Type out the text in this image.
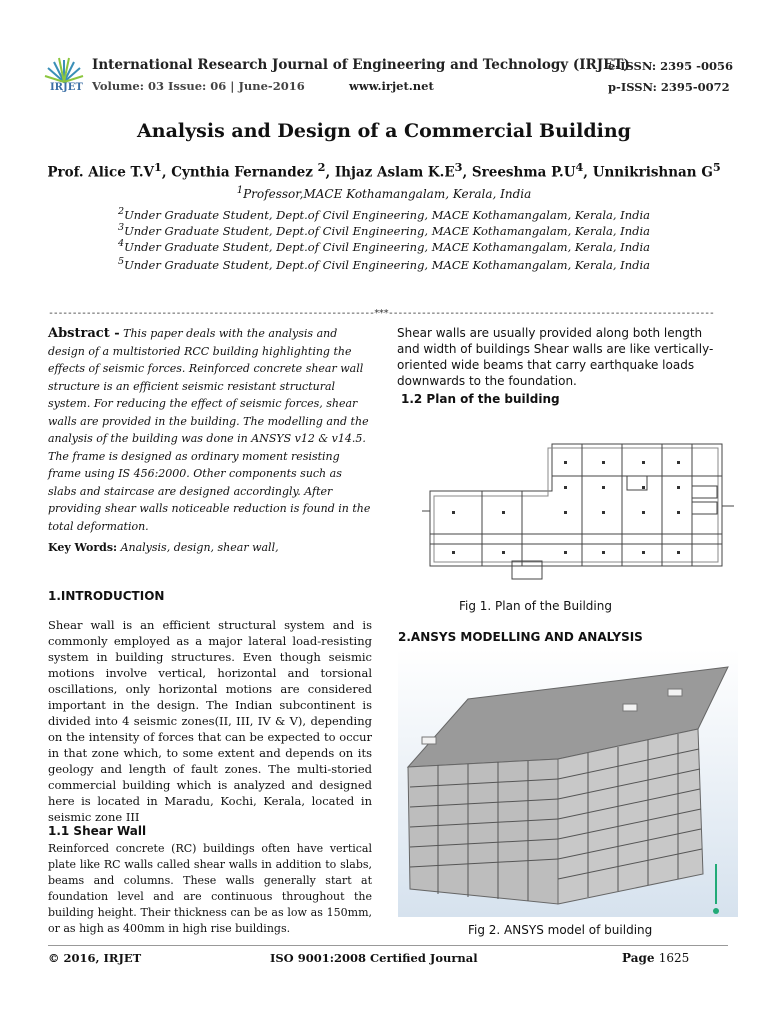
IRJET
International Research Journal of Engineering and Technology (IRJET)
Volume: 03 Issue: 06 | June-2016	www.irjet.net
e-ISSN: 2395 -0056
p-ISSN: 2395-0072
Analysis and Design of a Commercial Building
Prof. Alice $T.V^1$, Cynthia Fernandez $^2$, Ihjaz Aslam $K.E^3$, Sreeshma $P.U^4$, Unnikrishnan $G^5$
$^1$Professor,MACE Kothamangalam, Kerala, India
$^2$Under Graduate Student, Dept.of Civil Engineering, MACE Kothamangalam, Kerala, India
$^3$Under Graduate Student, Dept.of Civil Engineering, MACE Kothamangalam, Kerala, India
$^4$Under Graduate Student, Dept.of Civil Engineering, MACE Kothamangalam, Kerala, India
$^5$Under Graduate Student, Dept.of Civil Engineering, MACE Kothamangalam, Kerala, India
---------------------------------------------------------------------***---------------------------------------------------------------------
Abstract - This paper deals with the analysis and design of a multistoried RCC building highlighting the effects of seismic forces. Reinforced concrete shear wall structure is an efficient seismic resistant structural system. For reducing the effect of seismic forces, shear walls are provided in the building. The modelling and the analysis of the building was done in ANSYS v12 & v14.5. The frame is designed as ordinary moment resisting frame using IS 456:2000. Other components such as slabs and staircase are designed accordingly. After providing shear walls noticeable reduction is found in the total deformation.
Key Words: Analysis, design, shear wall,
1.INTRODUCTION
Shear wall is an efficient structural system and is commonly employed as a major lateral load-resisting system in building structures. Even though seismic motions involve vertical, horizontal and torsional oscillations, only horizontal motions are considered important in the design. The Indian subcontinent is divided into 4 seismic zones(II, III, IV & V), depending on the intensity of forces that can be expected to occur in that zone which, to some extent and depends on its geology and length of fault zones. The multi-storied commercial building which is analyzed and designed here is located in Maradu, Kochi, Kerala, located in seismic zone III
1.1 Shear Wall
Reinforced concrete (RC) buildings often have vertical plate like RC walls called shear walls in addition to slabs, beams and columns. These walls generally start at foundation level and are continuous throughout the building height. Their thickness can be as low as 150mm, or as high as 400mm in high rise buildings.
Shear walls are usually provided along both length and width of buildings Shear walls are like vertically-oriented wide beams that carry earthquake loads downwards to the foundation.
1.2 Plan of the building
Fig 1. Plan of the Building
2.ANSYS MODELLING AND ANALYSIS
Fig 2. ANSYS model of building
© 2016, IRJET	ISO 9001:2008 Certified Journal	Page 1625
